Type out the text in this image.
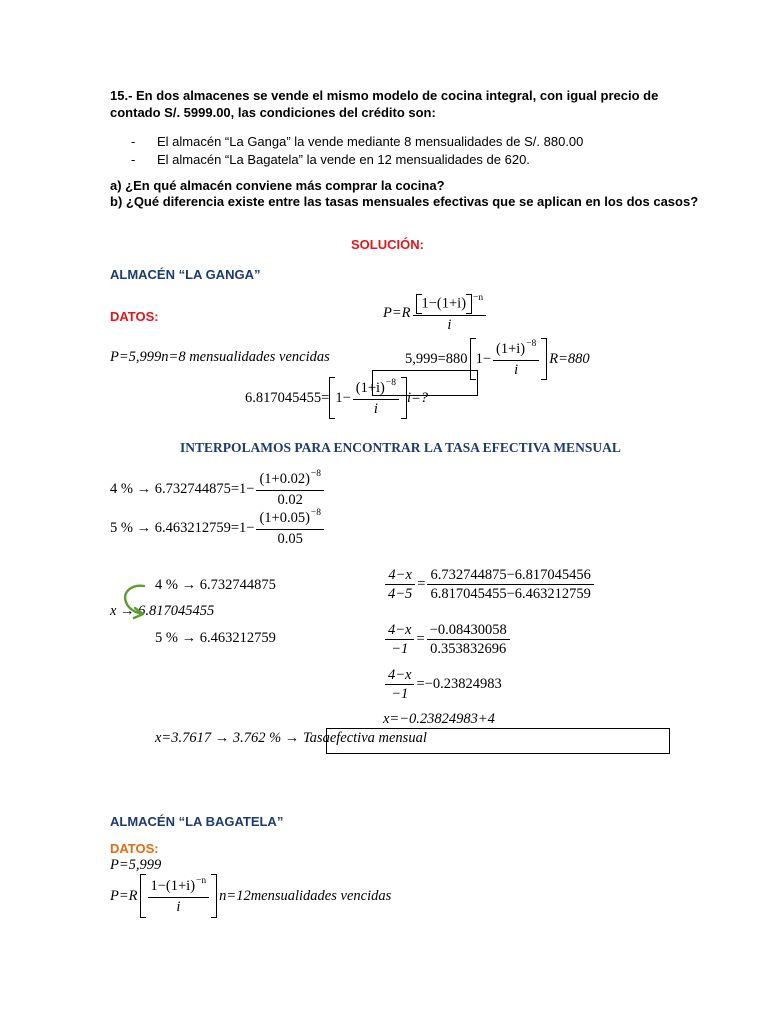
15.- En dos almacenes se vende el mismo modelo de cocina integral, con igual precio de
contado S/. 5999.00, las condiciones del crédito son:
- El almacén “La Ganga” la vende mediante 8 mensualidades de S/. 880.00
- El almacén “La Bagatela” la vende en 12 mensualidades de 620.
a) ¿En qué almacén conviene más comprar la cocina?
b) ¿Qué diferencia existe entre las tasas mensuales efectivas que se aplican en los dos casos?
SOLUCIÓN:
ALMACÉN “LA GANGA”
DATOS:	$P=R \frac{1-(1+i) ^{-n}}{i}$
P=5,999n=8 mensualidades vencidas	5,999=880 $1- \frac{(1+i)^{-8}}{i} R=880$
$6.817045455= 1- \frac{(1+i)^{-8}}{i} i=$?
INTERPOLAMOS PARA ENCONTRAR LA TASA EFECTIVA MENSUAL
4 % → $6.732744875=1- \frac{(1+0.02)^{-8}}{0.02}$
5 % → $6.463212759=1- \frac{(1+0.05)^{-8}}{0.05}$
4 % → 6.732744875
x → 6.817045455
5 % → 6.463212759
$\frac{4-x}{4-5} = \frac{6.732744875-6.817045456}{6.817045455-6.463212759}$
$\frac{4-x}{-1} = \frac{-0.08430058}{0.353832696}$
$\frac{4-x}{-1} =-0.23824983$
x=−0.23824983+4
x=3.7617 → 3.762 % → Tasaefectiva mensual
ALMACÉN “LA BAGATELA”
DATOS:
P=5,999
$P=R \frac{1-(1+i)^{-n}}{i} n=12$ mensualidades vencidas
